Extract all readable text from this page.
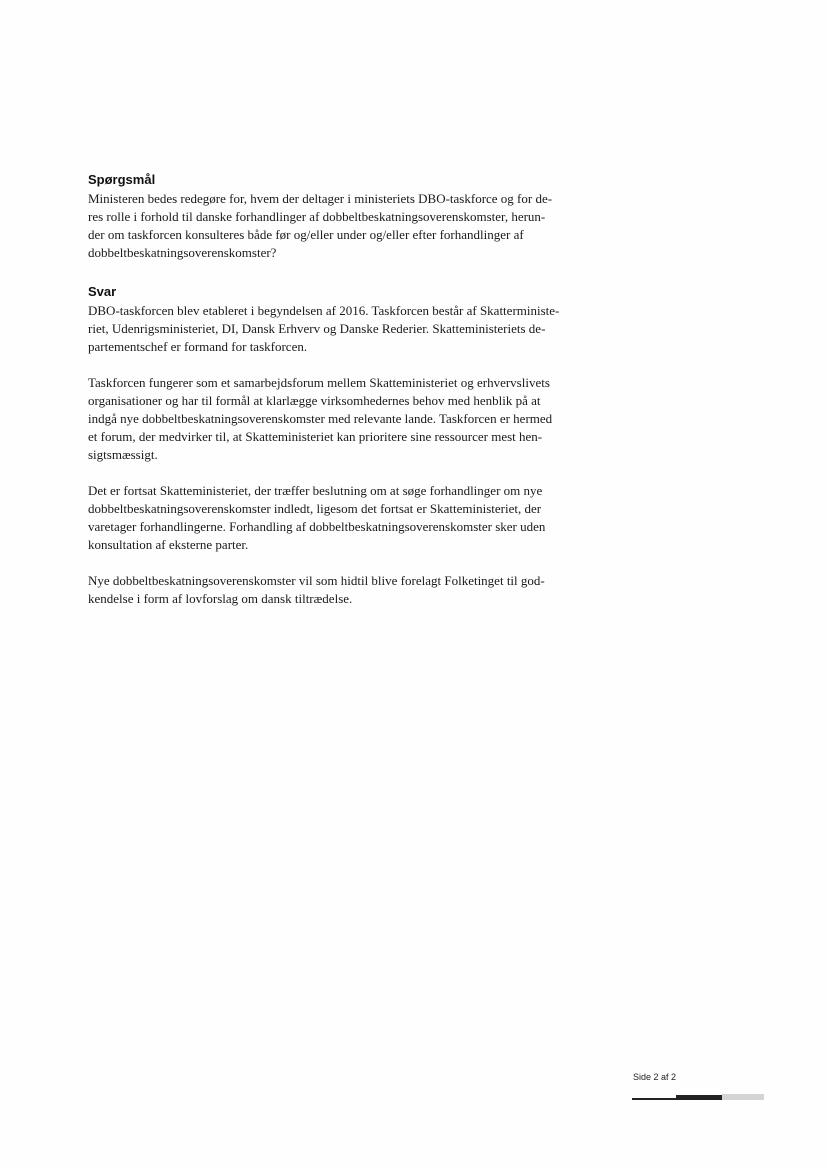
Spørgsmål

Ministeren bedes redegøre for, hvem der deltager i ministeriets DBO-taskforce og for de-
res rolle i forhold til danske forhandlinger af dobbeltbeskatningsoverenskomster, herun-
der om taskforcen konsulteres både før og/eller under og/eller efter forhandlinger af
dobbeltbeskatningsoverenskomster?

Svar

DBO-taskforcen blev etableret i begyndelsen af 2016. Taskforcen består af Skatterministe-
riet, Udenrigsministeriet, DI, Dansk Erhverv og Danske Rederier. Skatteministeriets de-
partementschef er formand for taskforcen.

Taskforcen fungerer som et samarbejdsforum mellem Skatteministeriet og erhvervslivets
organisationer og har til formål at klarlægge virksomhedernes behov med henblik på at
indgå nye dobbeltbeskatningsoverenskomster med relevante lande. Taskforcen er hermed
et forum, der medvirker til, at Skatteministeriet kan prioritere sine ressourcer mest hen-
sigtsmæssigt.

Det er fortsat Skatteministeriet, der træffer beslutning om at søge forhandlinger om nye
dobbeltbeskatningsoverenskomster indledt, ligesom det fortsat er Skatteministeriet, der
varetager forhandlingerne. Forhandling af dobbeltbeskatningsoverenskomster sker uden
konsultation af eksterne parter.

Nye dobbeltbeskatningsoverenskomster vil som hidtil blive forelagt Folketinget til god-
kendelse i form af lovforslag om dansk tiltrædelse.

Side 2 af 2
